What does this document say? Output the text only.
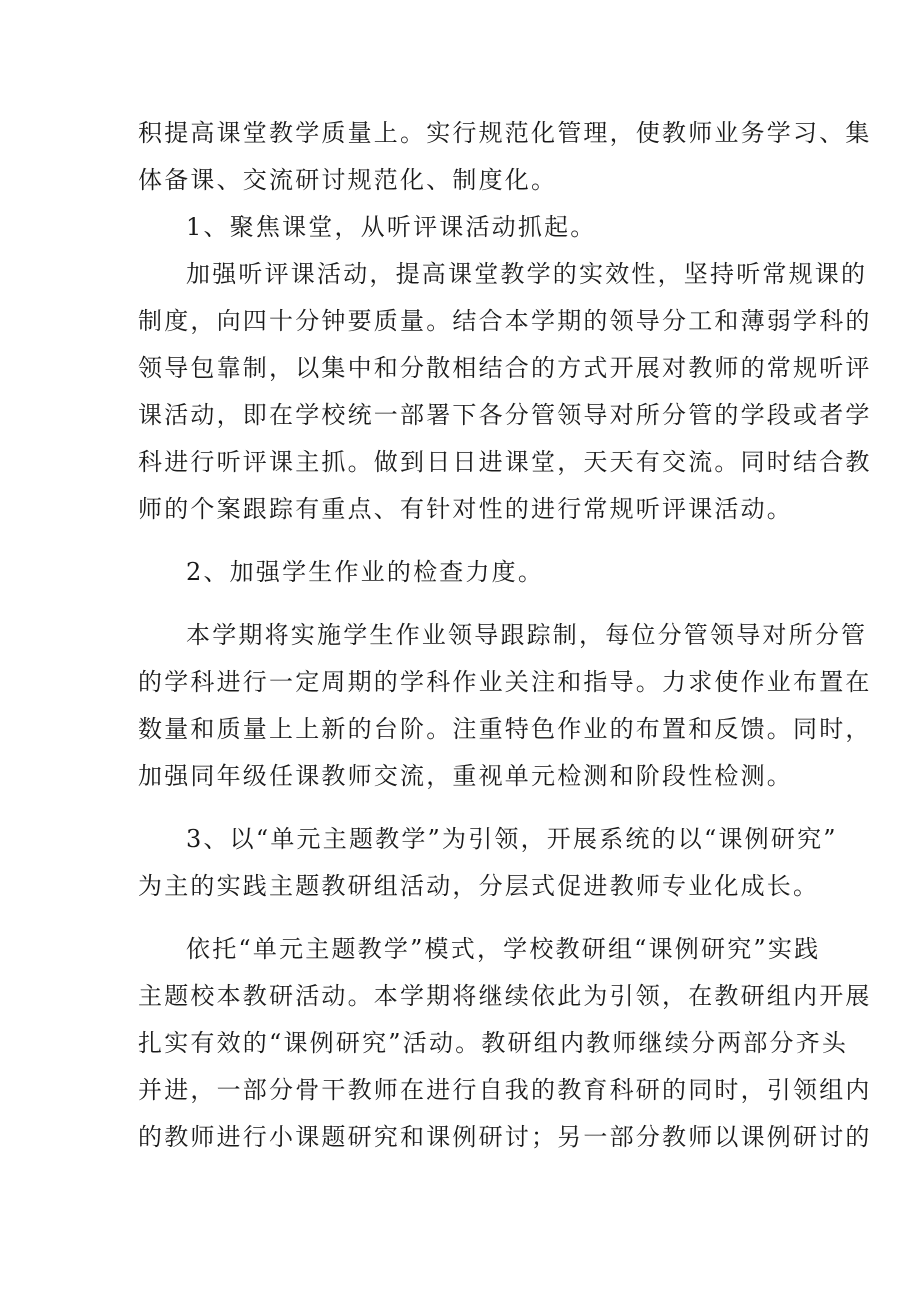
积提高课堂教学质量上。实行规范化管理，使教师业务学习、集
体备课、交流研讨规范化、制度化。
1、聚焦课堂，从听评课活动抓起。
加强听评课活动，提高课堂教学的实效性，坚持听常规课的
制度，向四十分钟要质量。结合本学期的领导分工和薄弱学科的
领导包靠制，以集中和分散相结合的方式开展对教师的常规听评
课活动，即在学校统一部署下各分管领导对所分管的学段或者学
科进行听评课主抓。做到日日进课堂，天天有交流。同时结合教
师的个案跟踪有重点、有针对性的进行常规听评课活动。
2、加强学生作业的检查力度。
本学期将实施学生作业领导跟踪制，每位分管领导对所分管
的学科进行一定周期的学科作业关注和指导。力求使作业布置在
数量和质量上上新的台阶。注重特色作业的布置和反馈。同时，
加强同年级任课教师交流，重视单元检测和阶段性检测。
3、以“单元主题教学”为引领，开展系统的以“课例研究”
为主的实践主题教研组活动，分层式促进教师专业化成长。
依托“单元主题教学”模式，学校教研组“课例研究”实践
主题校本教研活动。本学期将继续依此为引领，在教研组内开展
扎实有效的“课例研究”活动。教研组内教师继续分两部分齐头
并进，一部分骨干教师在进行自我的教育科研的同时，引领组内
的教师进行小课题研究和课例研讨；另一部分教师以课例研讨的
